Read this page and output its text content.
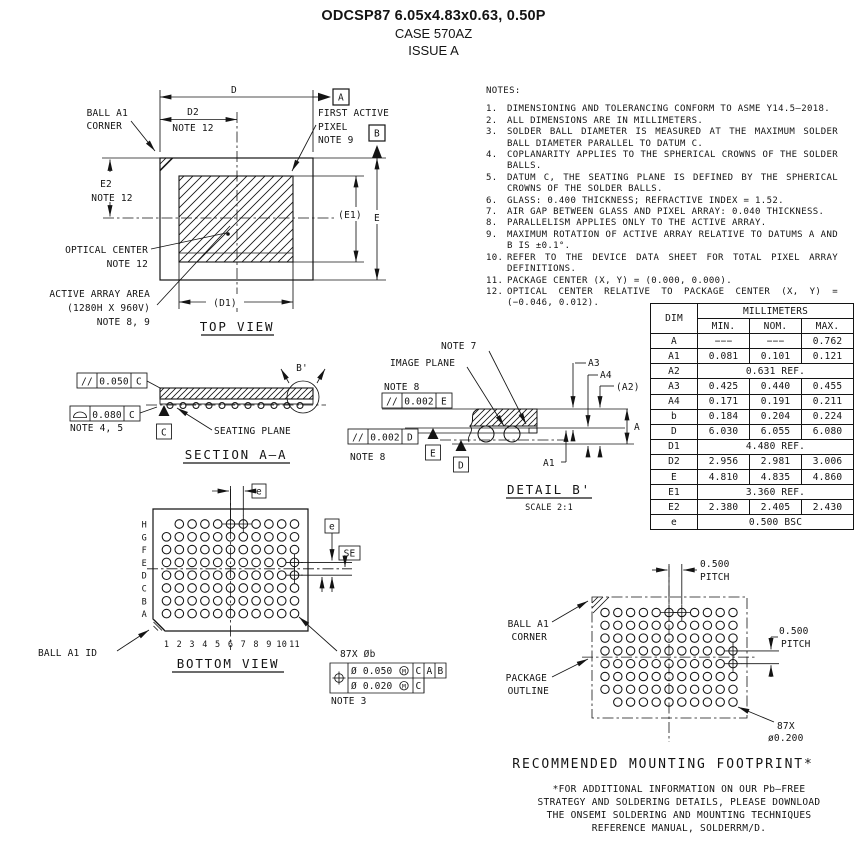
D
A
D2
NOTE 12	B
E
(E1)
E2
NOTE 12
BALL A1
CORNER
FIRST ACTIVE
PIXEL
NOTE 9
OPTICAL CENTER
NOTE 12
ACTIVE ARRAY AREA
(1280H X 960V)
NOTE 8, 9
(D1)
TOP VIEW
// 0.050 C
0.080 C
NOTE 4, 5	C	SEATING PLANE
B'
SECTION A–A
NOTE 7
IMAGE PLANE
NOTE 8
// 0.002 E
// 0.002 D
NOTE 8	E
D
A3
A4
(A2)
A
A1
DETAIL B'
SCALE 2:1
H
G
F
E
D
C
B
A
1 2 3 4 5 6 7 8 9 10 11
e
e
SE
BALL A1 ID
BOTTOM VIEW
87X Øb
Ø 0.050 M C A B
Ø 0.020 M C
NOTE 3
0.500
PITCH
0.500
PITCH
BALL A1
CORNER
PACKAGE
OUTLINE
87X
ø0.200
RECOMMENDED MOUNTING FOOTPRINT*
ODCSP87 6.05x4.83x0.63, 0.50P
CASE 570AZ
ISSUE A
NOTES:
1.	DIMENSIONING AND TOLERANCING CONFORM TO ASME Y14.5–2018.
2.	ALL DIMENSIONS ARE IN MILLIMETERS.
3.	SOLDER BALL DIAMETER IS MEASURED AT THE MAXIMUM SOLDER BALL DIAMETER PARALLEL TO DATUM C.
4.	COPLANARITY APPLIES TO THE SPHERICAL CROWNS OF THE SOLDER BALLS.
5.	DATUM C, THE SEATING PLANE IS DEFINED BY THE SPHERICAL CROWNS OF THE SOLDER BALLS.
6.	GLASS: 0.400 THICKNESS; REFRACTIVE INDEX = 1.52.
7.	AIR GAP BETWEEN GLASS AND PIXEL ARRAY: 0.040 THICKNESS.
8.	PARALLELISM APPLIES ONLY TO THE ACTIVE ARRAY.
9.	MAXIMUM ROTATION OF ACTIVE ARRAY RELATIVE TO DATUMS A AND B IS ±0.1°.
10. REFER TO THE DEVICE DATA SHEET FOR TOTAL PIXEL ARRAY DEFINITIONS.
11. PACKAGE CENTER (X, Y) = (0.000, 0.000).
12. OPTICAL CENTER RELATIVE TO PACKAGE CENTER (X, Y) = (−0.046, 0.012).
DIM	MILLIMETERS		
	MIN.	NOM.	MAX.
A	−−−	−−−	0.762
A1	0.081	0.101	0.121
A2	0.631 REF.		
A3	0.425	0.440	0.455
A4	0.171	0.191	0.211
b	0.184	0.204	0.224
D	6.030	6.055	6.080
D1	4.480 REF.		
D2	2.956	2.981	3.006
E	4.810	4.835	4.860
E1	3.360 REF.		
E2	2.380	2.405	2.430
e	0.500 BSC		
*FOR ADDITIONAL INFORMATION ON OUR Pb–FREE
STRATEGY AND SOLDERING DETAILS, PLEASE DOWNLOAD
THE ONSEMI SOLDERING AND MOUNTING TECHNIQUES
REFERENCE MANUAL, SOLDERRM/D.
